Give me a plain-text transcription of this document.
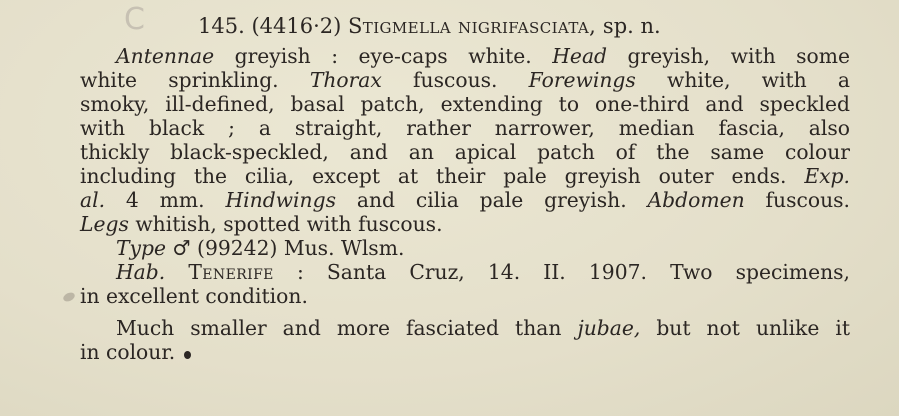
C 145. (4416·2) Stigmella nigrifasciata, sp. n.
Antennae greyish : eye-caps white. Head greyish, with some
white sprinkling. Thorax fuscous. Forewings white, with a
smoky, ill-defined, basal patch, extending to one-third and speckled
with black ; a straight, rather narrower, median fascia, also
thickly black-speckled, and an apical patch of the same colour
including the cilia, except at their pale greyish outer ends. Exp.
al. 4 mm. Hindwings and cilia pale greyish. Abdomen fuscous.
Legs whitish, spotted with fuscous.
Type ♂ (99242) Mus. Wlsm.
Hab. Tenerife : Santa Cruz, 14. II. 1907. Two specimens,
in excellent condition.
Much smaller and more fasciated than jubae, but not unlike it
in colour.
